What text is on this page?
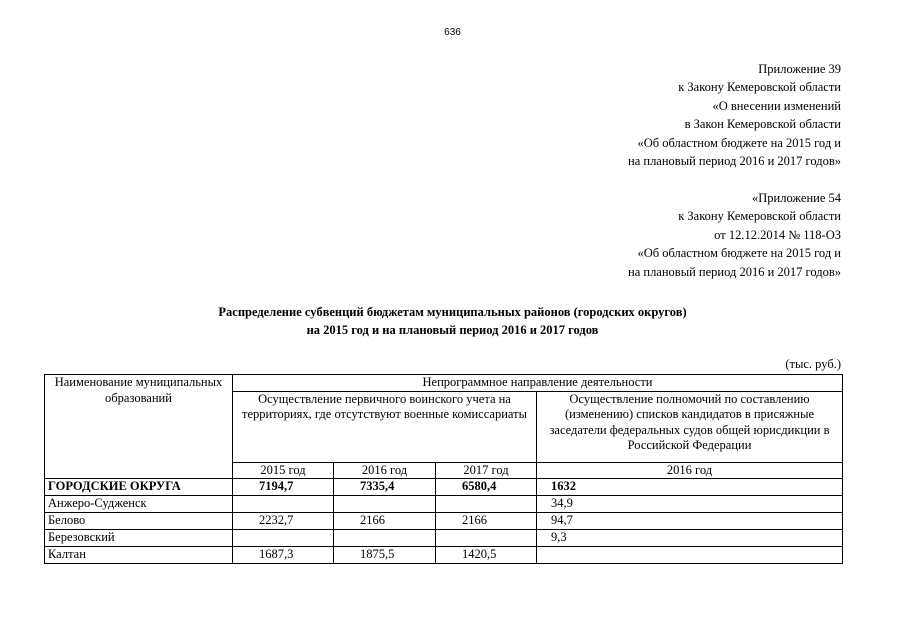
636
Приложение 39
к Закону Кемеровской области
«О внесении изменений
в Закон Кемеровской области
«Об областном бюджете на 2015 год и
на плановый период 2016 и 2017 годов»
«Приложение 54
к Закону Кемеровской области
от 12.12.2014 № 118-ОЗ
«Об областном бюджете на 2015 год и
на плановый период 2016 и 2017 годов»
Распределение субвенций бюджетам муниципальных районов (городских округов)
на 2015 год и на плановый период 2016 и 2017 годов
(тыс. руб.)
Наименование муниципальных образований	Непрограммное направление деятельности			
	Осуществление первичного воинского учета на территориях, где отсутствуют военные комиссариаты			Осуществление полномочий по составлению (изменению) списков кандидатов в присяжные заседатели федеральных судов общей юрисдикции в Российской Федерации
	2015 год	2016 год	2017 год	2016 год
ГОРОДСКИЕ ОКРУГА	7194,7	7335,4	6580,4	1632
Анжеро-Судженск				34,9
Белово	2232,7	2166	2166	94,7
Березовский				9,3
Калтан	1687,3	1875,5	1420,5	
